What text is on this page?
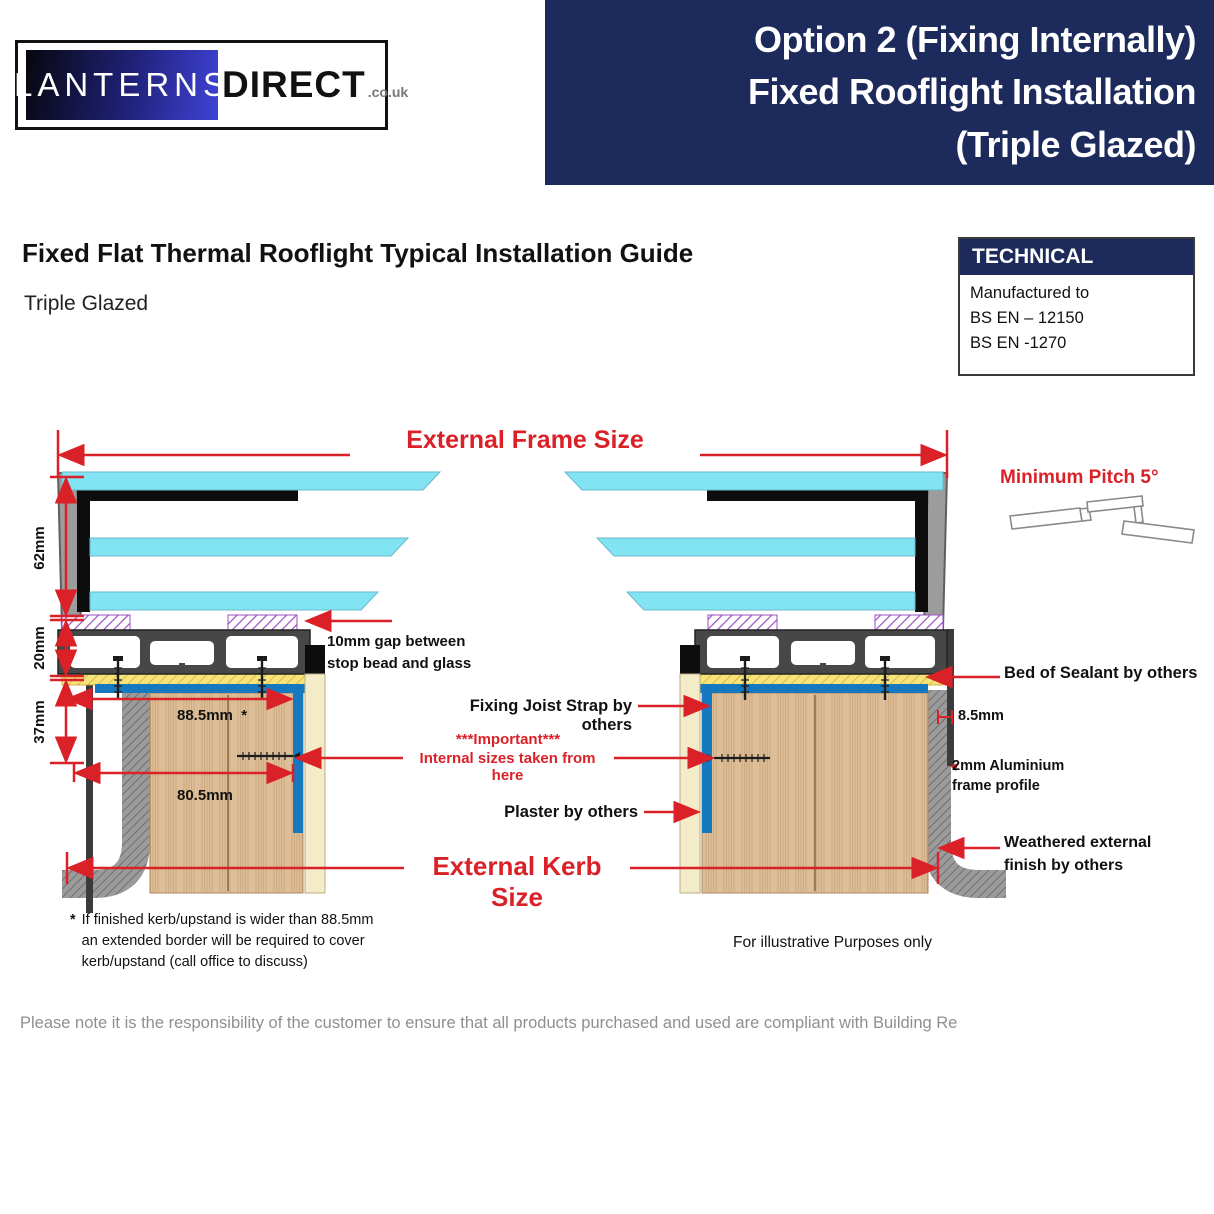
LANTERNS
DIRECT .co.uk
Option 2 (Fixing Internally)
Fixed Rooflight Installation
(Triple Glazed)
Fixed Flat Thermal Rooflight Typical Installation Guide
Triple Glazed
TECHNICAL
Manufactured to
BS EN – 12150
BS EN -1270
External Frame Size
Minimum Pitch 5°
62mm
20mm
37mm
10mm gap between
stop bead and glass
Fixing Joist Strap by others
***Important***
Internal sizes taken from here
Plaster by others
External Kerb Size
88.5mm  *
80.5mm
Bed of Sealant by others
8.5mm
2mm Aluminium
frame profile
Weathered external
finish by others
* If finished kerb/upstand is wider than 88.5mm
an extended border will be required to cover
kerb/upstand (call office to discuss)
For illustrative Purposes only
Please note it is the responsibility of the customer to ensure that all products purchased and used are compliant with Building Re
